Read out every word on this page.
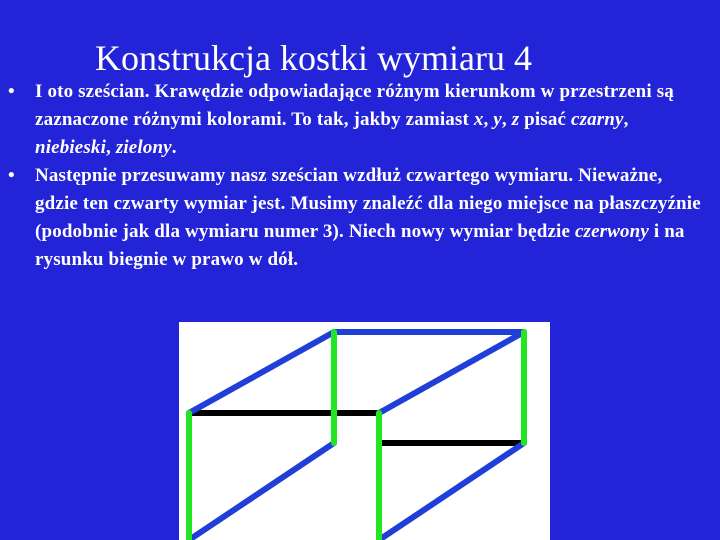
Konstrukcja kostki wymiaru 4
•	I oto sześcian. Krawędzie odpowiadające różnym kierunkom w przestrzeni są zaznaczone różnymi kolorami. To tak, jakby zamiast x, y, z pisać czarny, niebieski, zielony.
•	Następnie przesuwamy nasz sześcian wzdłuż czwartego wymiaru. Nieważne, gdzie ten czwarty wymiar jest. Musimy znaleźć dla niego miejsce na płaszczyźnie (podobnie jak dla wymiaru numer 3). Niech nowy wymiar będzie czerwony i na rysunku biegnie w prawo w dół.
